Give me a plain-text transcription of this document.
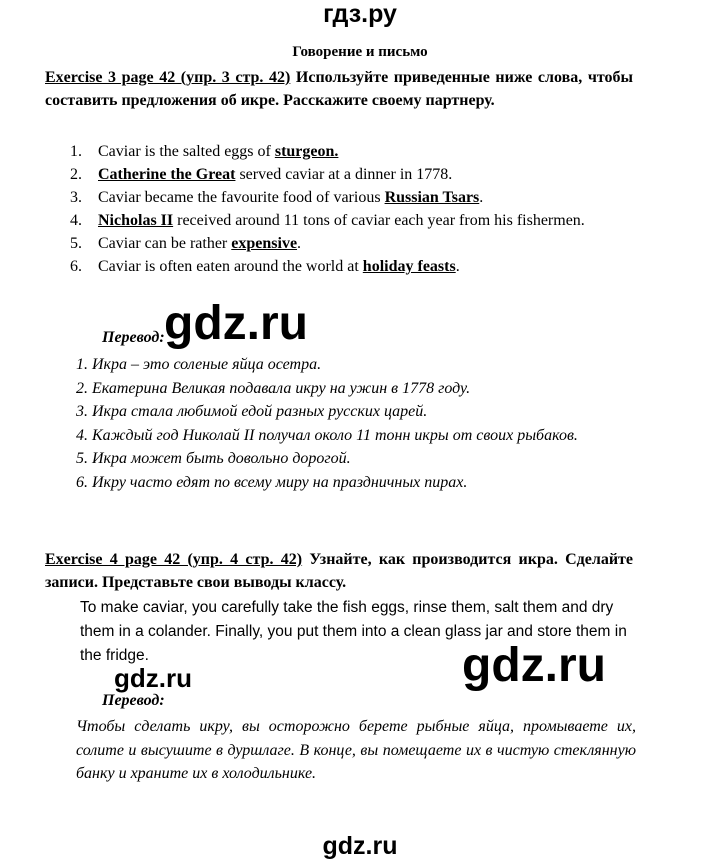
гдз.ру
Говорение и письмо
Exercise 3 page 42 (упр. 3 стр. 42) Используйте приведенные ниже слова, чтобы составить предложения об икре. Расскажите своему партнеру.
1.	Caviar is the salted eggs of sturgeon.
2.	Catherine the Great served caviar at a dinner in 1778.
3.	Caviar became the favourite food of various Russian Tsars.
4.	Nicholas II received around 11 tons of caviar each year from his fishermen.
5.	Caviar can be rather expensive.
6.	Caviar is often eaten around the world at holiday feasts.
Перевод: gdz.ru
1. Икра – это соленые яйца осетра.
2. Екатерина Великая подавала икру на ужин в 1778 году.
3. Икра стала любимой едой разных русских царей.
4. Каждый год Николай II получал около 11 тонн икры от своих рыбаков.
5. Икра может быть довольно дорогой.
6. Икру часто едят по всему миру на праздничных пирах.
Exercise 4 page 42 (упр. 4 стр. 42) Узнайте, как производится икра. Сделайте записи. Представьте свои выводы классу.
To make caviar, you carefully take the fish eggs, rinse them, salt them and dry them in a colander. Finally, you put them into a clean glass jar and store them in the fridge.
gdz.ru	gdz.ru
Перевод:
Чтобы сделать икру, вы осторожно берете рыбные яйца, промываете их, солите и высушите в дуршлаге. В конце, вы помещаете их в чистую стеклянную банку и храните их в холодильнике.
gdz.ru
